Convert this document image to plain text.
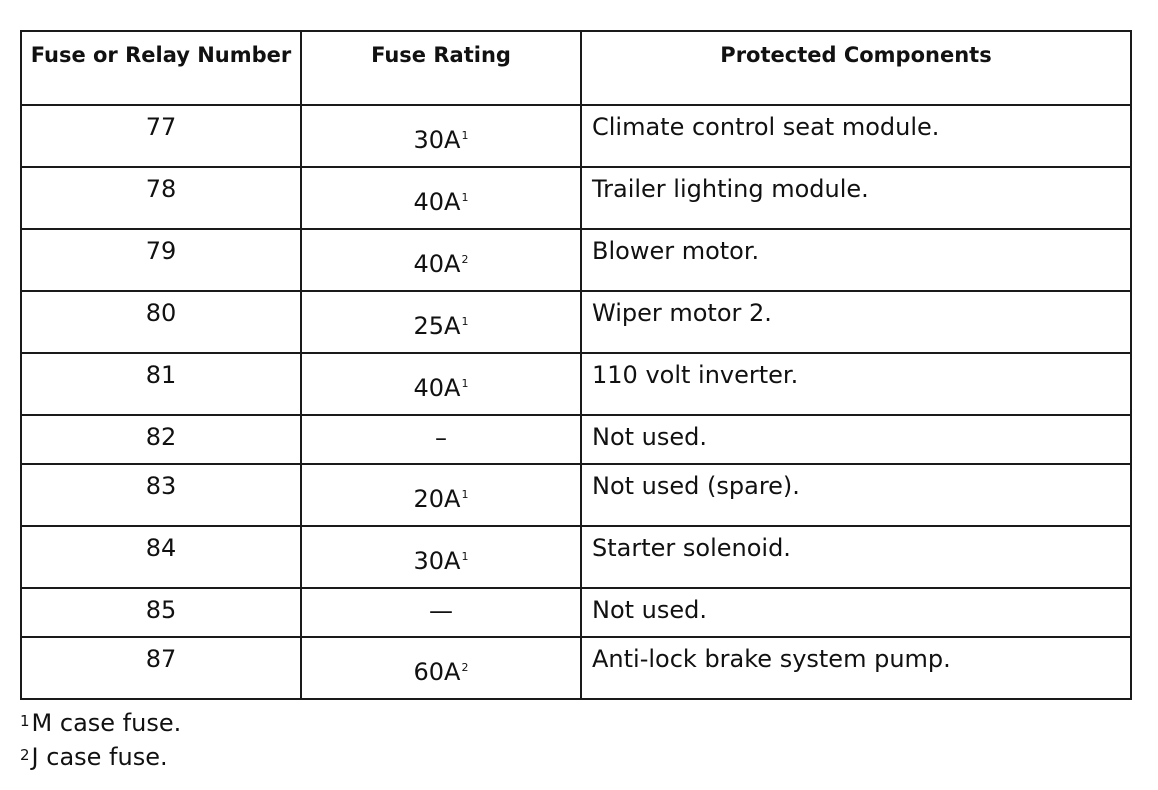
Fuse or Relay Number	Fuse Rating	Protected Components
77	$30A^1$	Climate control seat module.
78	$40A^1$	Trailer lighting module.
79	$40A^2$	Blower motor.
80	$25A^1$	Wiper motor 2.
81	$40A^1$	110 volt inverter.
82	–	Not used.
83	$20A^1$	Not used (spare).
84	$30A^1$	Starter solenoid.
85	—	Not used.
87	$60A^2$	Anti-lock brake system pump.
$^1$M case fuse.
$^2$J case fuse.
